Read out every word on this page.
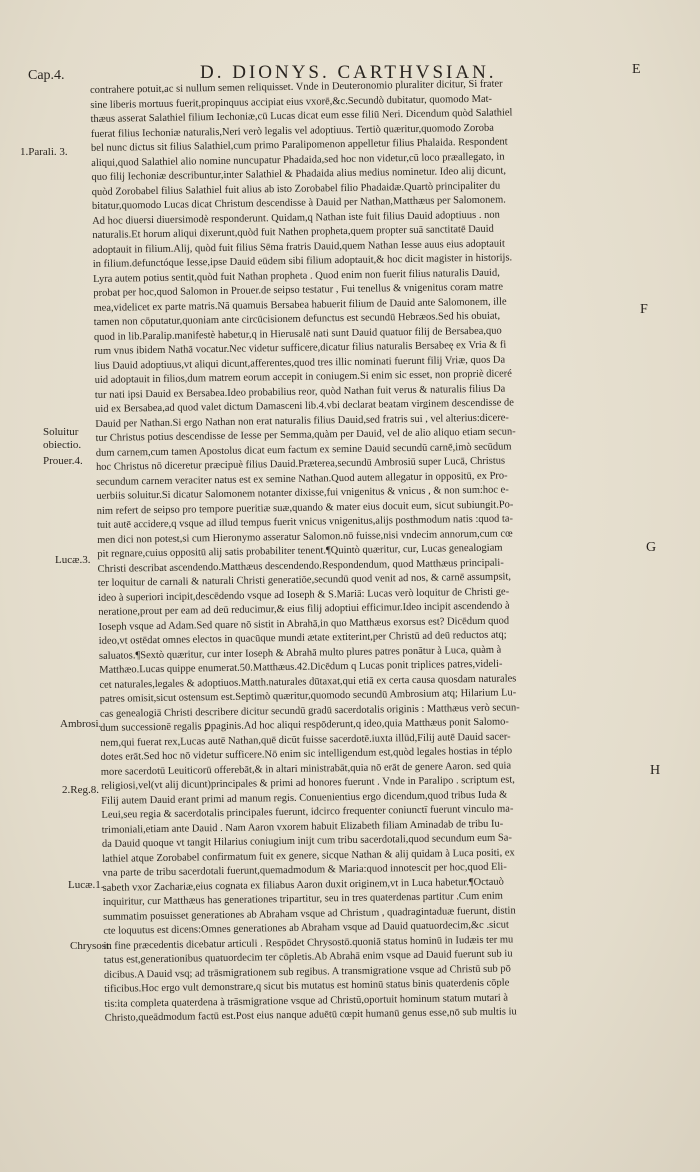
Cap.4.	D. DIONYS. CARTHVSIAN.
contrahere potuit,ac si nullum semen reliquisset. Vnde in Deuteronomio pluraliter dicitur, Si frater
sine liberis mortuus fuerit,propinquus accipiat eius vxorē,&c.Secundò dubitatur, quomodo Mat-
thæus asserat Salathiel filium Iechoniæ,cū Lucas dicat eum esse filiū Neri. Dicendum quòd Salathiel
fuerat filius Iechoniæ naturalis,Neri verò legalis vel adoptiuus. Tertiò quæritur,quomodo Zoroba
bel nunc dictus sit filius Salathiel,cum primo Paralipomenon appelletur filius Phalaida. Respondent
aliqui,quod Salathiel alio nomine nuncupatur Phadaida,sed hoc non videtur,cū loco præallegato, in
quo filij Iechoniæ describuntur,inter Salathiel & Phadaida alius medius nominetur. Ideo alij dicunt,
quòd Zorobabel filius Salathiel fuit alius ab isto Zorobabel filio Phadaidæ.Quartò principaliter du
bitatur,quomodo Lucas dicat Christum descendisse à Dauid per Nathan,Matthæus per Salomonem.
Ad hoc diuersi diuersimodè responderunt. Quidam,q Nathan iste fuit filius Dauid adoptiuus . non
naturalis.Et horum aliqui dixerunt,quòd fuit Nathen propheta,quem propter suā sanctitatē Dauid
adoptauit in filium.Alij, quòd fuit filius Sēma fratris Dauid,quem Nathan Iesse auus eius adoptauit
in filium.defunctóque Iesse,ipse Dauid eūdem sibi filium adoptauit,& hoc dicit magister in historijs.
Lyra autem potius sentit,quòd fuit Nathan propheta . Quod enim non fuerit filius naturalis Dauid,
probat per hoc,quod Salomon in Prouer.de seipso testatur , Fui tenellus & vnigenitus coram matre
mea,videlicet ex parte matris.Nā quamuis Bersabea habuerit filium de Dauid ante Salomonem, ille
tamen non cōputatur,quoniam ante circūcisionem defunctus est secundū Hebræos.Sed his obuiat,
quod in lib.Paralip.manifestè habetur,q in Hierusalē nati sunt Dauid quatuor filij de Bersabea,quo
rum vnus ibidem Nathā vocatur.Nec videtur sufficere,dicatur filius naturalis Bersabeę ex Vria & fi
lius Dauid adoptiuus,vt aliqui dicunt,afferentes,quod tres illic nominati fuerunt filij Vriæ, quos Da
uid adoptauit in filios,dum matrem eorum accepit in coniugem.Si enim sic esset, non propriè diceré
tur nati ipsi Dauid ex Bersabea.Ideo probabilius reor, quòd Nathan fuit verus & naturalis filius Da
uid ex Bersabea,ad quod valet dictum Damasceni lib.4.vbi declarat beatam virginem descendisse de
Dauid per Nathan.Si ergo Nathan non erat naturalis filius Dauid,sed fratris sui , vel alterius:dicere-
tur Christus potius descendisse de Iesse per Semma,quàm per Dauid, vel de alio aliquo etiam secun-
dum carnem,cum tamen Apostolus dicat eum factum ex semine Dauid secundū carnē,imò secūdum
hoc Christus nō diceretur præcipuè filius Dauid.Præterea,secundū Ambrosiū super Lucā, Christus
secundum carnem veraciter natus est ex semine Nathan.Quod autem allegatur in oppositū, ex Pro-
uerbiis soluitur.Si dicatur Salomonem notanter dixisse,fui vnigenitus & vnicus , & non sum:hoc e-
nim refert de seipso pro tempore pueritiæ suæ,quando & mater eius docuit eum, sicut subiungit.Po-
tuit autē accidere,q vsque ad illud tempus fuerit vnicus vnigenitus,alijs posthmodum natis :quod ta-
men dici non potest,si cum Hieronymo asseratur Salomon.nō fuisse,nisi vndecim annorum,cum cœ
pit regnare,cuius oppositū alij satis probabiliter tenent.¶Quintò quæritur, cur, Lucas genealogiam
Christi describat ascendendo.Matthæus descendendo.Respondendum, quod Matthæus principali-
ter loquitur de carnali & naturali Christi generatiōe,secundū quod venit ad nos, & carnē assumpsit,
ideo à superiori incipit,descēdendo vsque ad Ioseph & S.Mariā: Lucas verò loquitur de Christi ge-
neratione,prout per eam ad deū reducimur,& eius filij adoptiui efficimur.Ideo incipit ascendendo à
Ioseph vsque ad Adam.Sed quare nō sistit in Abrahā,in quo Matthæus exorsus est? Dicēdum quod
ideo,vt ostēdat omnes electos in quacūque mundi ætate extiterint,per Christū ad deū reductos atq;
saluatos.¶Sextò quæritur, cur inter Ioseph & Abrahā multo plures patres ponātur à Luca, quàm à
Matthæo.Lucas quippe enumerat.50.Matthæus.42.Dicēdum q Lucas ponit triplices patres,videli-
cet naturales,legales & adoptiuos.Matth.naturales dūtaxat,qui etiā ex certa causa quosdam naturales
patres omisit,sicut ostensum est.Septimò quæritur,quomodo secundū Ambrosium atq; Hilarium Lu-
cas genealogiā Christi describere dicitur secundū gradū sacerdotalis originis : Matthæus verò secun-
dum successionē regalis ꝑpaginis.Ad hoc aliqui respōderunt,q ideo,quia Matthæus ponit Salomo-
nem,qui fuerat rex,Lucas autē Nathan,quē dicūt fuisse sacerdotē.iuxta illūd,Filij autē Dauid sacer-
dotes erāt.Sed hoc nō videtur sufficere.Nō enim sic intelligendum est,quòd legales hostias in téplo
more sacerdotū Leuiticorū offerebāt,& in altari ministrabāt,quia nō erāt de genere Aaron. sed quia
religiosi,vel(vt alij dicunt)principales & primi ad honores fuerunt . Vnde in Paralipo . scriptum est,
Filij autem Dauid erant primi ad manum regis. Conuenientius ergo dicendum,quod tribus Iuda &
Leui,seu regia & sacerdotalis principales fuerunt, idcirco frequenter coniunctī fuerunt vinculo ma-
trimoniali,etiam ante Dauid . Nam Aaron vxorem habuit Elizabeth filiam Aminadab de tribu Iu-
da Dauid quoque vt tangit Hilarius coniugium inijt cum tribu sacerdotali,quod secundum eum Sa-
lathiel atque Zorobabel confirmatum fuit ex genere, sicque Nathan & alij quidam à Luca positi, ex
vna parte de tribu sacerdotali fuerunt,quemadmodum & Maria:quod innotescit per hoc,quod Eli-
sabeth vxor Zachariæ,eius cognata ex filiabus Aaron duxit originem,vt in Luca habetur.¶Octauò
inquiritur, cur Matthæus has generationes tripartitur, seu in tres quaterdenas partitur .Cum enim
summatim posuisset generationes ab Abraham vsque ad Christum , quadragintaduæ fuerunt, distin
cte loquutus est dicens:Omnes generationes ab Abraham vsque ad Dauid quatuordecim,&c .sicut
in fine præcedentis dicebatur articuli . Respōdet Chrysostō.quoniā status hominū in Iudæis ter mu
tatus est,generationibus quatuordecim ter cōpletis.Ab Abrahā enim vsque ad Dauid fuerunt sub iu
dicibus.A Dauid vsq; ad trāsmigrationem sub regibus. A transmigratione vsque ad Christū sub pō
tificibus.Hoc ergo vult demonstrare,q sicut bis mutatus est hominū status binis quaterdenis cōple
tis:ita completa quaterdena à trāsmigratione vsque ad Christū,oportuit hominum statum mutari à
Christo,queādmodum factū est.Post eius nanque aduētū cœpit humanū genus esse,nō sub multis iu
E
F
G
H
1.Parali. 3.
Soluitur
obiectio.
Prouer.4.
Lucæ.3.
Ambrosi.
2.Reg.8.
Lucæ.1.
Chrysost.
